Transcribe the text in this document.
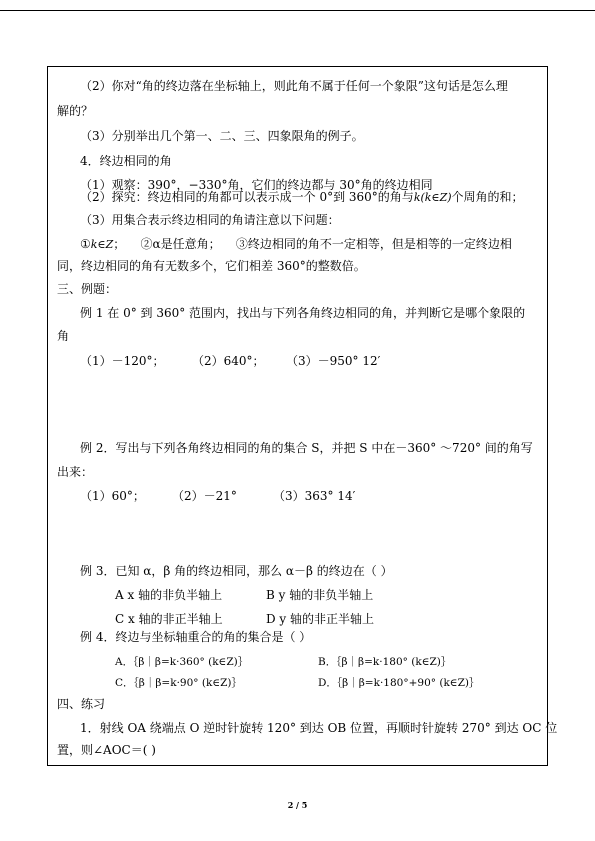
（2）你对“角的终边落在坐标轴上，则此角不属于任何一个象限”这句话是怎么理
解的？
（3）分别举出几个第一、二、三、四象限角的例子。
4．终边相同的角
（1）观察：390°，−330°角，它们的终边都与 30°角的终边相同
（2）探究：终边相同的角都可以表示成一个 0°到 360°的角与k(k∈Z)个周角的和；
（3）用集合表示终边相同的角请注意以下问题：
①k∈Z；    ②α是任意角；    ③终边相同的角不一定相等，但是相等的一定终边相
同，终边相同的角有无数多个，它们相差 360°的整数倍。
三、例题：
例 1 在 0° 到 360° 范围内，找出与下列各角终边相同的角，并判断它是哪个象限的
角
（1）－120°； （2）640°； （3）－950° 12′
例 2．写出与下列各角终边相同的角的集合 S，并把 S 中在－360° ～720° 间的角写
出来：
（1）60°； （2）－21°	（3）363° 14′
例 3．已知 α，β 角的终边相同，那么 α－β 的终边在（ ）
A x 轴的非负半轴上	B y 轴的非负半轴上
C x 轴的非正半轴上	D y 轴的非正半轴上
例 4．终边与坐标轴重合的角的集合是（ ）
A．｛β｜β=k·360° (k∈Z)｝	B．｛β｜β=k·180° (k∈Z)｝
C．｛β｜β=k·90° (k∈Z)｝	D．｛β｜β=k·180°+90° (k∈Z)｝
四、练习
1．射线 OA 绕端点 O 逆时针旋转 120° 到达 OB 位置，再顺时针旋转 270° 到达 OC 位
置，则∠AOC＝( )
2 / 5
